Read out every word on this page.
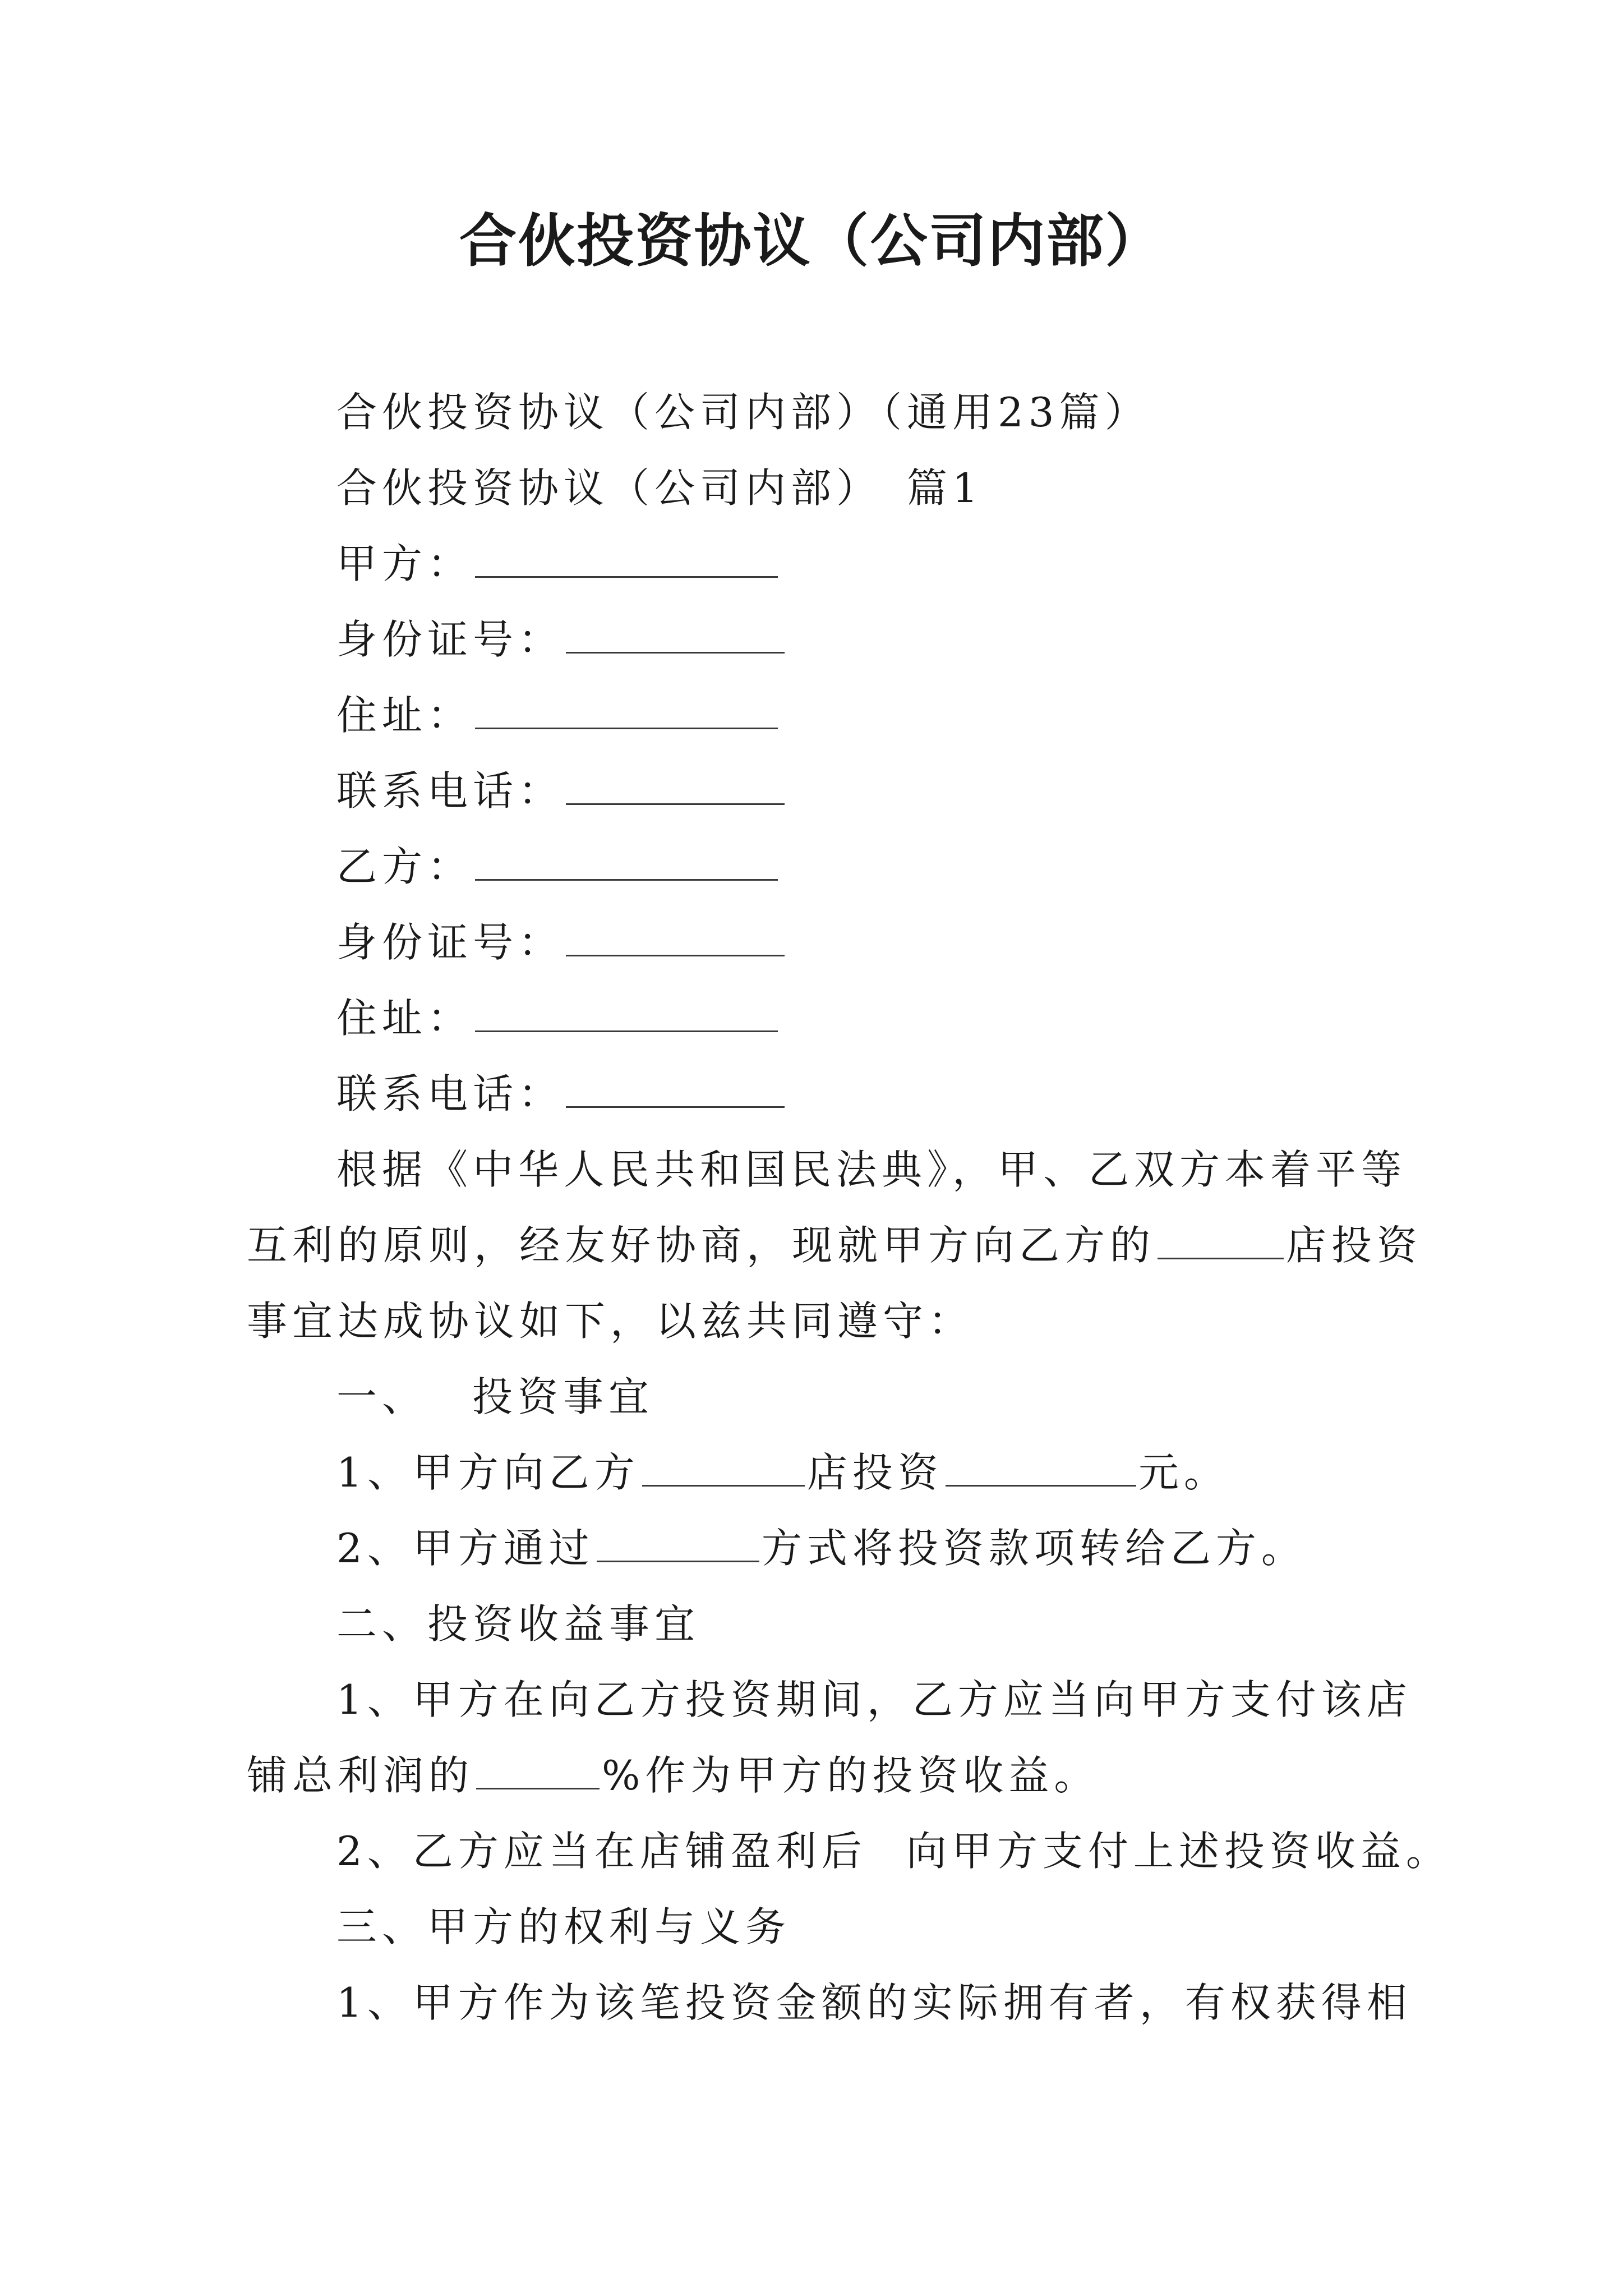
合伙投资协议（公司内部）
合伙投资协议（公司内部）（通用23篇）
合伙投资协议（公司内部）　篇1
甲方：
身份证号：
住址：
联系电话：
乙方：
身份证号：
住址：
联系电话：
根据《中华人民共和国民法典》，甲、乙双方本着平等
互利的原则，经友好协商，现就甲方向乙方的	店投资
事宜达成协议如下，以兹共同遵守：
一、 投资事宜
1、甲方向乙方	店投资	元。
2、甲方通过	方式将投资款项转给乙方。
二、投资收益事宜
1、甲方在向乙方投资期间，乙方应当向甲方支付该店
铺总利润的	%作为甲方的投资收益。
2、乙方应当在店铺盈利后 向甲方支付上述投资收益。
三、甲方的权利与义务
1、甲方作为该笔投资金额的实际拥有者，有权获得相
